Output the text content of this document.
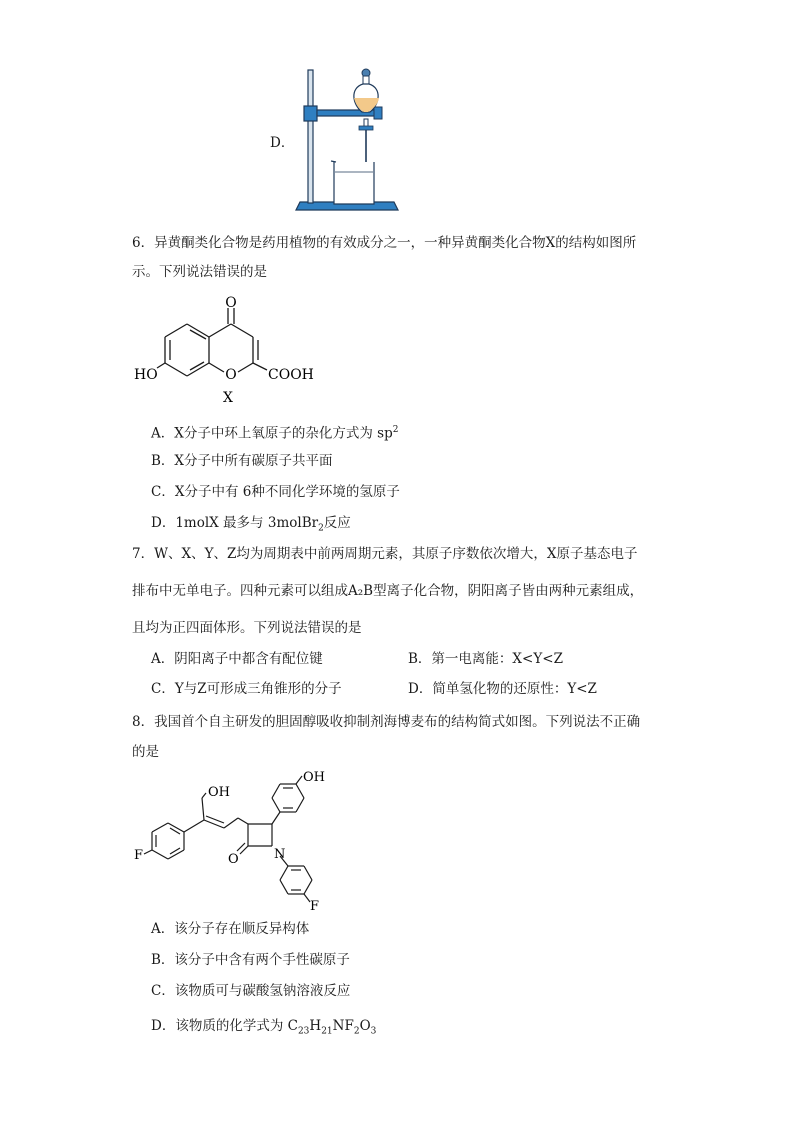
D．
6．异黄酮类化合物是药用植物的有效成分之一，一种异黄酮类化合物X的结构如图所
示。下列说法错误的是
O
O
HO	COOH
X
A．X分子中环上氧原子的杂化方式为 $sp^2$
B．X分子中所有碳原子共平面
C．X分子中有 6种不同化学环境的氢原子
D．1molX 最多与 3molBr$_2$反应
7．W、X、Y、Z均为周期表中前两周期元素，其原子序数依次增大，X原子基态电子
排布中无单电子。四种元素可以组成A₂B型离子化合物，阴阳离子皆由两种元素组成，
且均为正四面体形。下列说法错误的是
A．阴阳离子中都含有配位键	B．第一电离能：X<Y<Z
C．Y与Z可形成三角锥形的分子	D．简单氢化物的还原性：Y<Z
8．我国首个自主研发的胆固醇吸收抑制剂海博麦布的结构简式如图。下列说法不正确
的是
OH
OH
F	O	N
F
A．该分子存在顺反异构体
B．该分子中含有两个手性碳原子
C．该物质可与碳酸氢钠溶液反应
D．该物质的化学式为 $C_{23}H_{21}NF_2O_3$
